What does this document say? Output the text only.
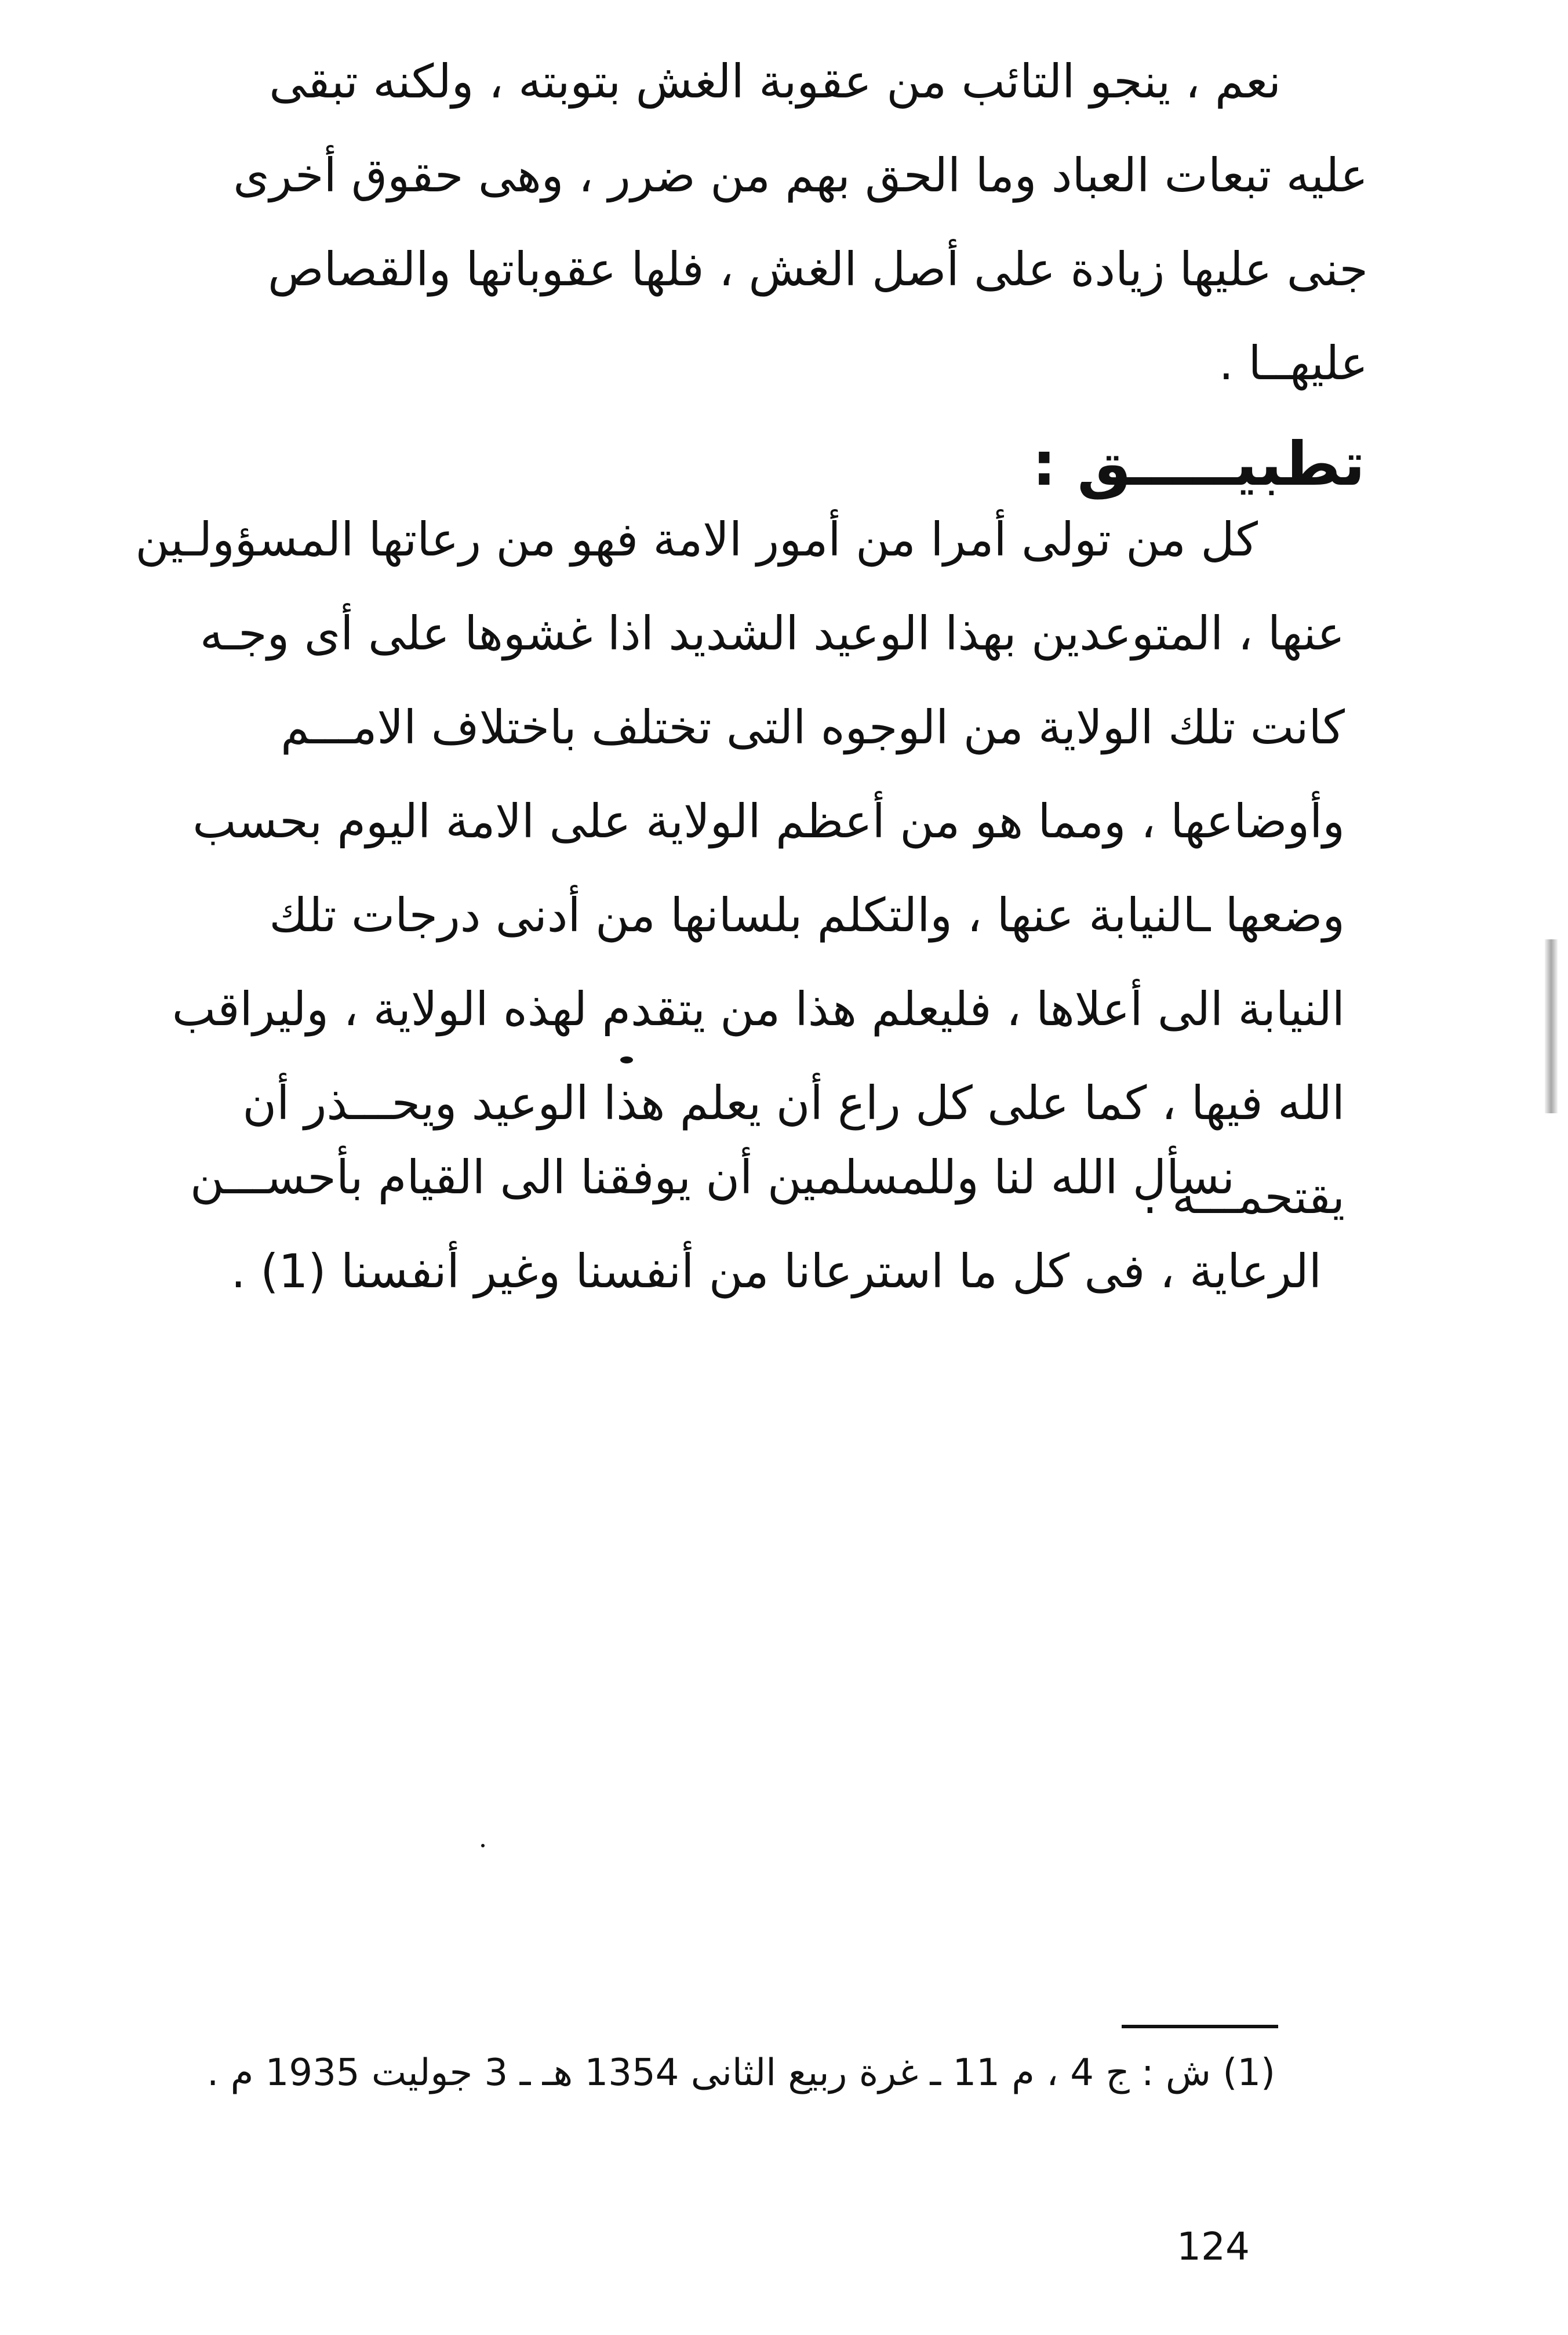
نعم ، ينجو التائب من عقوبة الغش بتوبته ، ولكنه تبقى
عليه تبعات العباد وما الحق بهم من ضرر ، وهى حقوق أخرى
جنى عليها زيادة على أصل الغش ، فلها عقوباتها والقصاص
عليهــا .
تطبيـــــق :
كل من تولى أمرا من أمور الامة فهو من رعاتها المسؤولـين
عنها ، المتوعدين بهذا الوعيد الشديد اذا غشوها على أى وجـه
كانت تلك الولاية من الوجوه التى تختلف باختلاف الامـــم
وأوضاعها ، ومما هو من أعظم الولاية على الامة اليوم بحسب
وضعها ـالنيابة عنها ، والتكلم بلسانها من أدنى درجات تلك
النيابة الى أعلاها ، فليعلم هذا من يتقدم لهذه الولاية ، وليراقب
الله فيها ، كما على كل راع أن يعلم هذا الوعيد ويحـــذر أن
يقتحمـــه .
نسأل الله لنا وللمسلمين أن يوفقنا الى القيام بأحســـن
الرعاية ، فى كل ما استرعانا من أنفسنا وغير أنفسنا (1) .
(1) ش : ج 4 ، م 11 ـ غرة ربيع الثانى 1354 هـ ـ 3 جوليت 1935 م .
124
